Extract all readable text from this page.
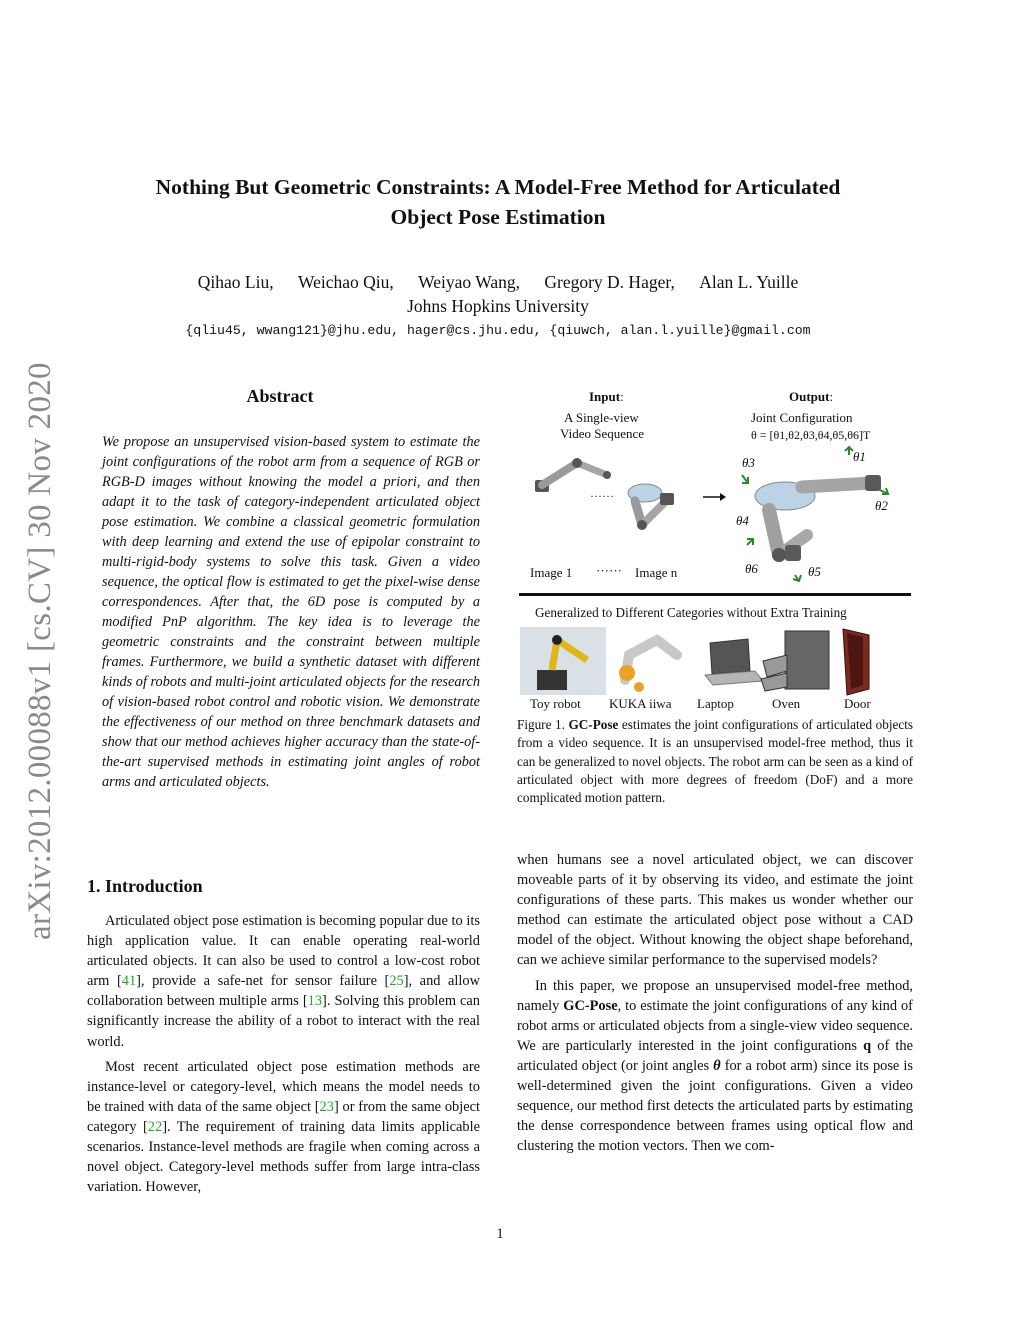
Nothing But Geometric Constraints: A Model-Free Method for Articulated
Object Pose Estimation
Qihao Liu, Weichao Qiu, Weiyao Wang, Gregory D. Hager, Alan L. Yuille
Johns Hopkins University
{qliu45, wwang121}@jhu.edu, hager@cs.jhu.edu, {qiuwch, alan.l.yuille}@gmail.com
arXiv:2012.00088v1 [cs.CV] 30 Nov 2020	Abstract
We propose an unsupervised vision-based system to estimate the joint configurations of the robot arm from a sequence of RGB or RGB-D images without knowing the model a priori, and then adapt it to the task of category-independent articulated object pose estimation. We combine a classical geometric formulation with deep learning and extend the use of epipolar constraint to multi-rigid-body systems to solve this task. Given a video sequence, the optical flow is estimated to get the pixel-wise dense correspondences. After that, the 6D pose is computed by a modified PnP algorithm. The key idea is to leverage the geometric constraints and the constraint between multiple frames. Furthermore, we build a synthetic dataset with different kinds of robots and multi-joint articulated objects for the research of vision-based robot control and robotic vision. We demonstrate the effectiveness of our method on three benchmark datasets and show that our method achieves higher accuracy than the state-of-the-art supervised methods in estimating joint angles of robot arms and articulated objects.
1. Introduction

Articulated object pose estimation is becoming popular due to its high application value. It can enable operating real-world articulated objects. It can also be used to control a low-cost robot arm [41], provide a safe-net for sensor failure [25], and allow collaboration between multiple arms [13]. Solving this problem can significantly increase the ability of a robot to interact with the real world.

Most recent articulated object pose estimation methods are instance-level or category-level, which means the model needs to be trained with data of the same object [23] or from the same object category [22]. The requirement of training data limits applicable scenarios. Instance-level methods are fragile when coming across a novel object. Category-level methods suffer from large intra-class variation. However,

when humans see a novel articulated object, we can discover moveable parts of it by observing its video, and estimate the joint configurations of these parts. This makes us wonder whether our method can estimate the articulated object pose without a CAD model of the object. Without knowing the object shape beforehand, can we achieve similar performance to the supervised models?

In this paper, we propose an unsupervised model-free method, namely GC-Pose, to estimate the joint configurations of any kind of robot arms or articulated objects from a single-view video sequence. We are particularly interested in the joint configurations q of the articulated object (or joint angles θ for a robot arm) since its pose is well-determined given the joint configurations. Given a video sequence, our method first detects the articulated parts by estimating the dense correspondence between frames using optical flow and clustering the motion vectors. Then we com-

Input:
A Single-view
Video Sequence
Output:
Joint Configuration
θ = [θ1,θ2,θ3,θ4,θ5,θ6]T
······
θ1
θ2
θ3
θ4
θ5
θ6
Image 1 ······ Image n
Generalized to Different Categories without Extra Training
Toy robot KUKA iiwa Laptop	Oven	Door
Figure 1. GC-Pose estimates the joint configurations of articulated objects from a video sequence. It is an unsupervised model-free method, thus it can be generalized to novel objects. The robot arm can be seen as a kind of articulated object with more degrees of freedom (DoF) and a more complicated motion pattern.
1
